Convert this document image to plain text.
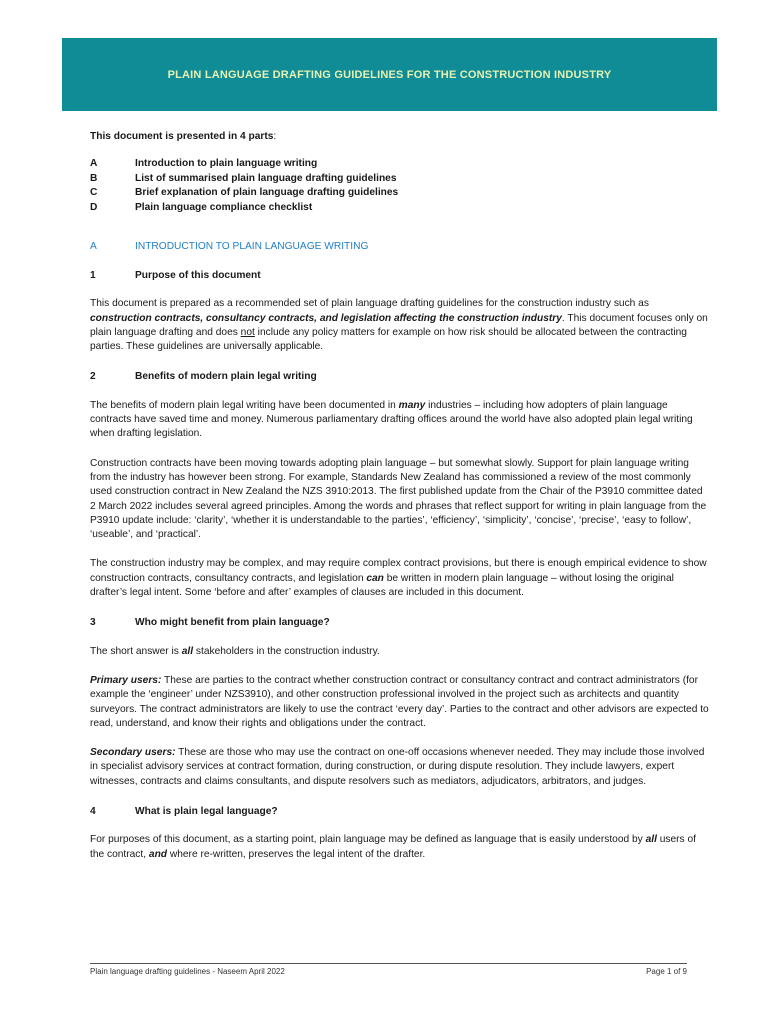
PLAIN LANGUAGE DRAFTING GUIDELINES FOR THE CONSTRUCTION INDUSTRY

This document is presented in 4 parts:

A	Introduction to plain language writing
B	List of summarised plain language drafting guidelines
C	Brief explanation of plain language drafting guidelines
D	Plain language compliance checklist
A	INTRODUCTION TO PLAIN LANGUAGE WRITING
1	Purpose of this document

This document is prepared as a recommended set of plain language drafting guidelines for the construction industry such as construction contracts, consultancy contracts, and legislation affecting the construction industry. This document focuses only on plain language drafting and does not include any policy matters for example on how risk should be allocated between the contracting parties. These guidelines are universally applicable.

2	Benefits of modern plain legal writing

The benefits of modern plain legal writing have been documented in many industries – including how adopters of plain language contracts have saved time and money. Numerous parliamentary drafting offices around the world have also adopted plain legal writing when drafting legislation.

Construction contracts have been moving towards adopting plain language – but somewhat slowly. Support for plain language writing from the industry has however been strong. For example, Standards New Zealand has commissioned a review of the most commonly used construction contract in New Zealand the NZS 3910:2013. The first published update from the Chair of the P3910 committee dated 2 March 2022 includes several agreed principles. Among the words and phrases that reflect support for writing in plain language from the P3910 update include: ‘clarity’, ‘whether it is understandable to the parties’, ‘efficiency’, ‘simplicity’, ‘concise’, ‘precise’, ‘easy to follow’, ‘useable’, and ‘practical’.

The construction industry may be complex, and may require complex contract provisions, but there is enough empirical evidence to show construction contracts, consultancy contracts, and legislation can be written in modern plain language – without losing the original drafter’s legal intent. Some ‘before and after’ examples of clauses are included in this document.

3	Who might benefit from plain language?

The short answer is all stakeholders in the construction industry.

Primary users: These are parties to the contract whether construction contract or consultancy contract and contract administrators (for example the ‘engineer’ under NZS3910), and other construction professional involved in the project such as architects and quantity surveyors. The contract administrators are likely to use the contract ‘every day’. Parties to the contract and other advisors are expected to read, understand, and know their rights and obligations under the contract.

Secondary users: These are those who may use the contract on one-off occasions whenever needed. They may include those involved in specialist advisory services at contract formation, during construction, or during dispute resolution. They include lawyers, expert witnesses, contracts and claims consultants, and dispute resolvers such as mediators, adjudicators, arbitrators, and judges.

4	What is plain legal language?

For purposes of this document, as a starting point, plain language may be defined as language that is easily understood by all users of the contract, and where re-written, preserves the legal intent of the drafter.

Plain language drafting guidelines - Naseem April 2022	Page 1 of 9
